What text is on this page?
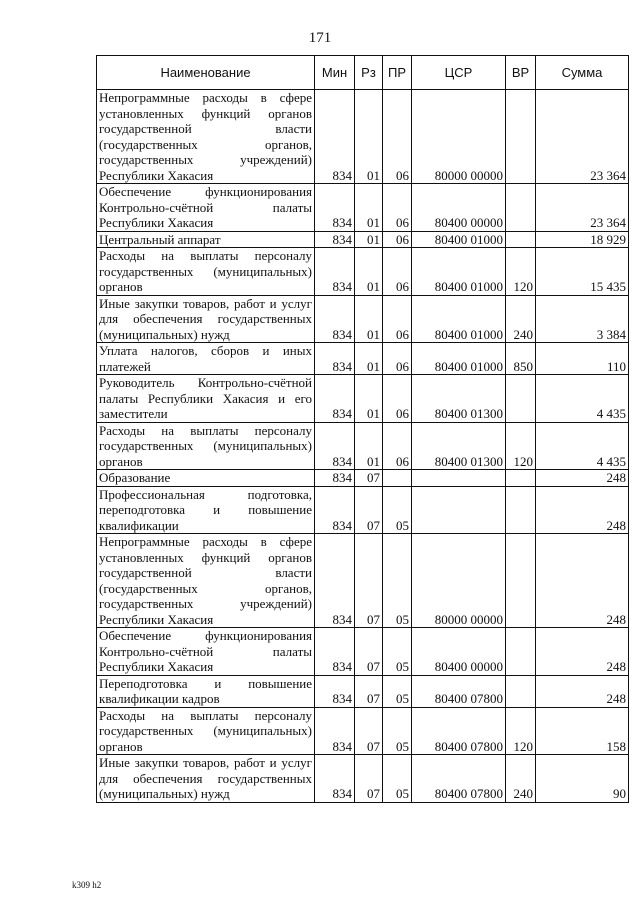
171
Наименование	Мин	Рз	ПР	ЦСР	ВР	Сумма
Непрограммные расходы в сфере установленных функций органов государственной власти (государственных органов, государственных учреждений) Республики Хакасия	834	01	06	80000 00000		23 364
Обеспечение функционирования Контрольно-счётной палаты Республики Хакасия	834	01	06	80400 00000		23 364
Центральный аппарат	834	01	06	80400 01000		18 929
Расходы на выплаты персоналу государственных (муниципальных) органов	834	01	06	80400 01000	120	15 435
Иные закупки товаров, работ и услуг для обеспечения государственных (муниципальных) нужд	834	01	06	80400 01000	240	3 384
Уплата налогов, сборов и иных платежей	834	01	06	80400 01000	850	110
Руководитель Контрольно-счётной палаты Республики Хакасия и его заместители	834	01	06	80400 01300		4 435
Расходы на выплаты персоналу государственных (муниципальных) органов	834	01	06	80400 01300	120	4 435
Образование	834	07				248
Профессиональная подготовка, переподготовка и повышение квалификации	834	07	05			248
Непрограммные расходы в сфере установленных функций органов государственной власти (государственных органов, государственных учреждений) Республики Хакасия	834	07	05	80000 00000		248
Обеспечение функционирования Контрольно-счётной палаты Республики Хакасия	834	07	05	80400 00000		248
Переподготовка и повышение квалификации кадров	834	07	05	80400 07800		248
Расходы на выплаты персоналу государственных (муниципальных) органов	834	07	05	80400 07800	120	158
Иные закупки товаров, работ и услуг для обеспечения государственных (муниципальных) нужд	834	07	05	80400 07800	240	90
k309 h2
